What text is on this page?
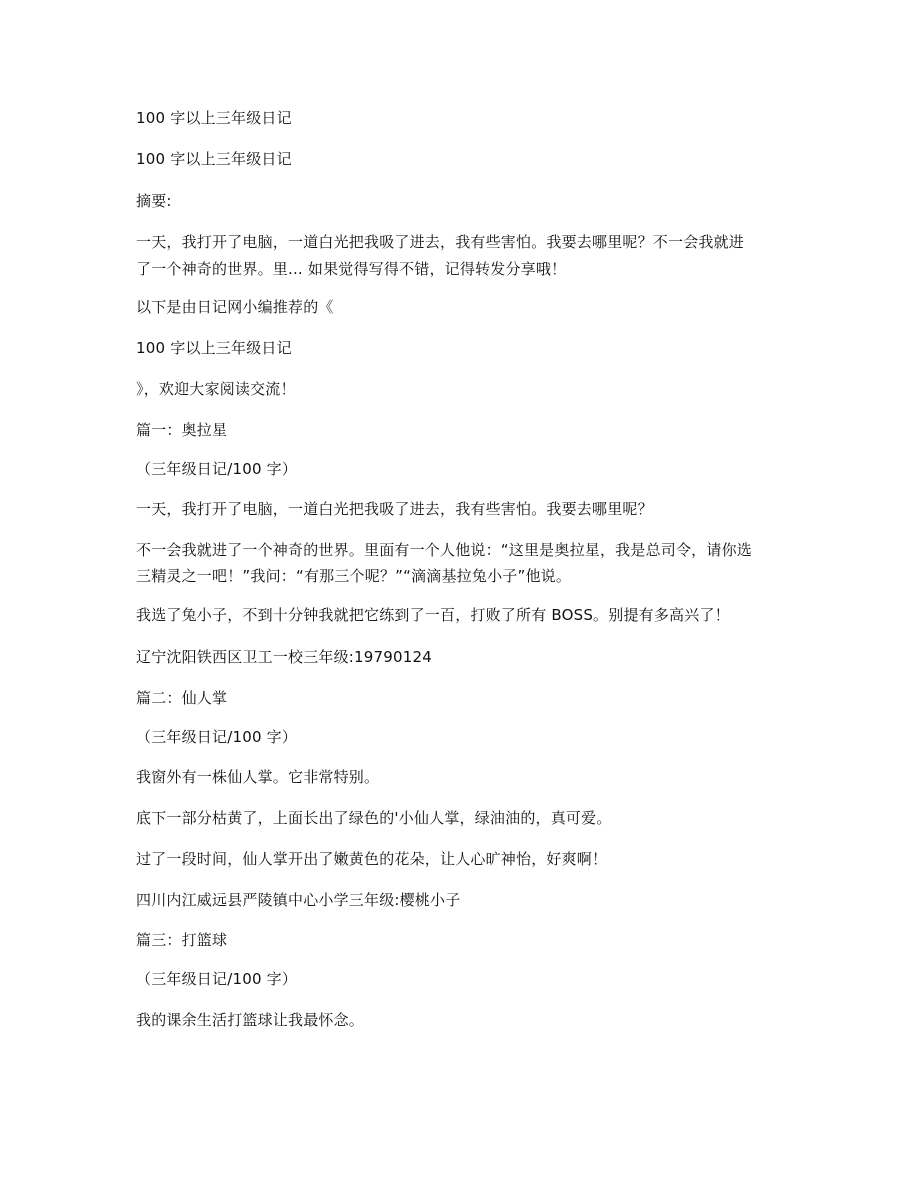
100 字以上三年级日记
100 字以上三年级日记
摘要:
一天，我打开了电脑，一道白光把我吸了进去，我有些害怕。我要去哪里呢？不一会我就进
了一个神奇的世界。里... 如果觉得写得不错，记得转发分享哦！
以下是由日记网小编推荐的《
100 字以上三年级日记
》，欢迎大家阅读交流！
篇一：奥拉星
（三年级日记/100 字）
一天，我打开了电脑，一道白光把我吸了进去，我有些害怕。我要去哪里呢？
不一会我就进了一个神奇的世界。里面有一个人他说：“这里是奥拉星，我是总司令，请你选
三精灵之一吧！”我问：“有那三个呢？”“滴滴基拉兔小子”他说。
我选了兔小子，不到十分钟我就把它练到了一百，打败了所有 BOSS。别提有多高兴了！
辽宁沈阳铁西区卫工一校三年级:19790124
篇二：仙人掌
（三年级日记/100 字）
我窗外有一株仙人掌。它非常特别。
底下一部分枯黄了，上面长出了绿色的'小仙人掌，绿油油的，真可爱。
过了一段时间，仙人掌开出了嫩黄色的花朵，让人心旷神怡，好爽啊！
四川内江威远县严陵镇中心小学三年级:樱桃小子
篇三：打篮球
（三年级日记/100 字）
我的课余生活打篮球让我最怀念。
